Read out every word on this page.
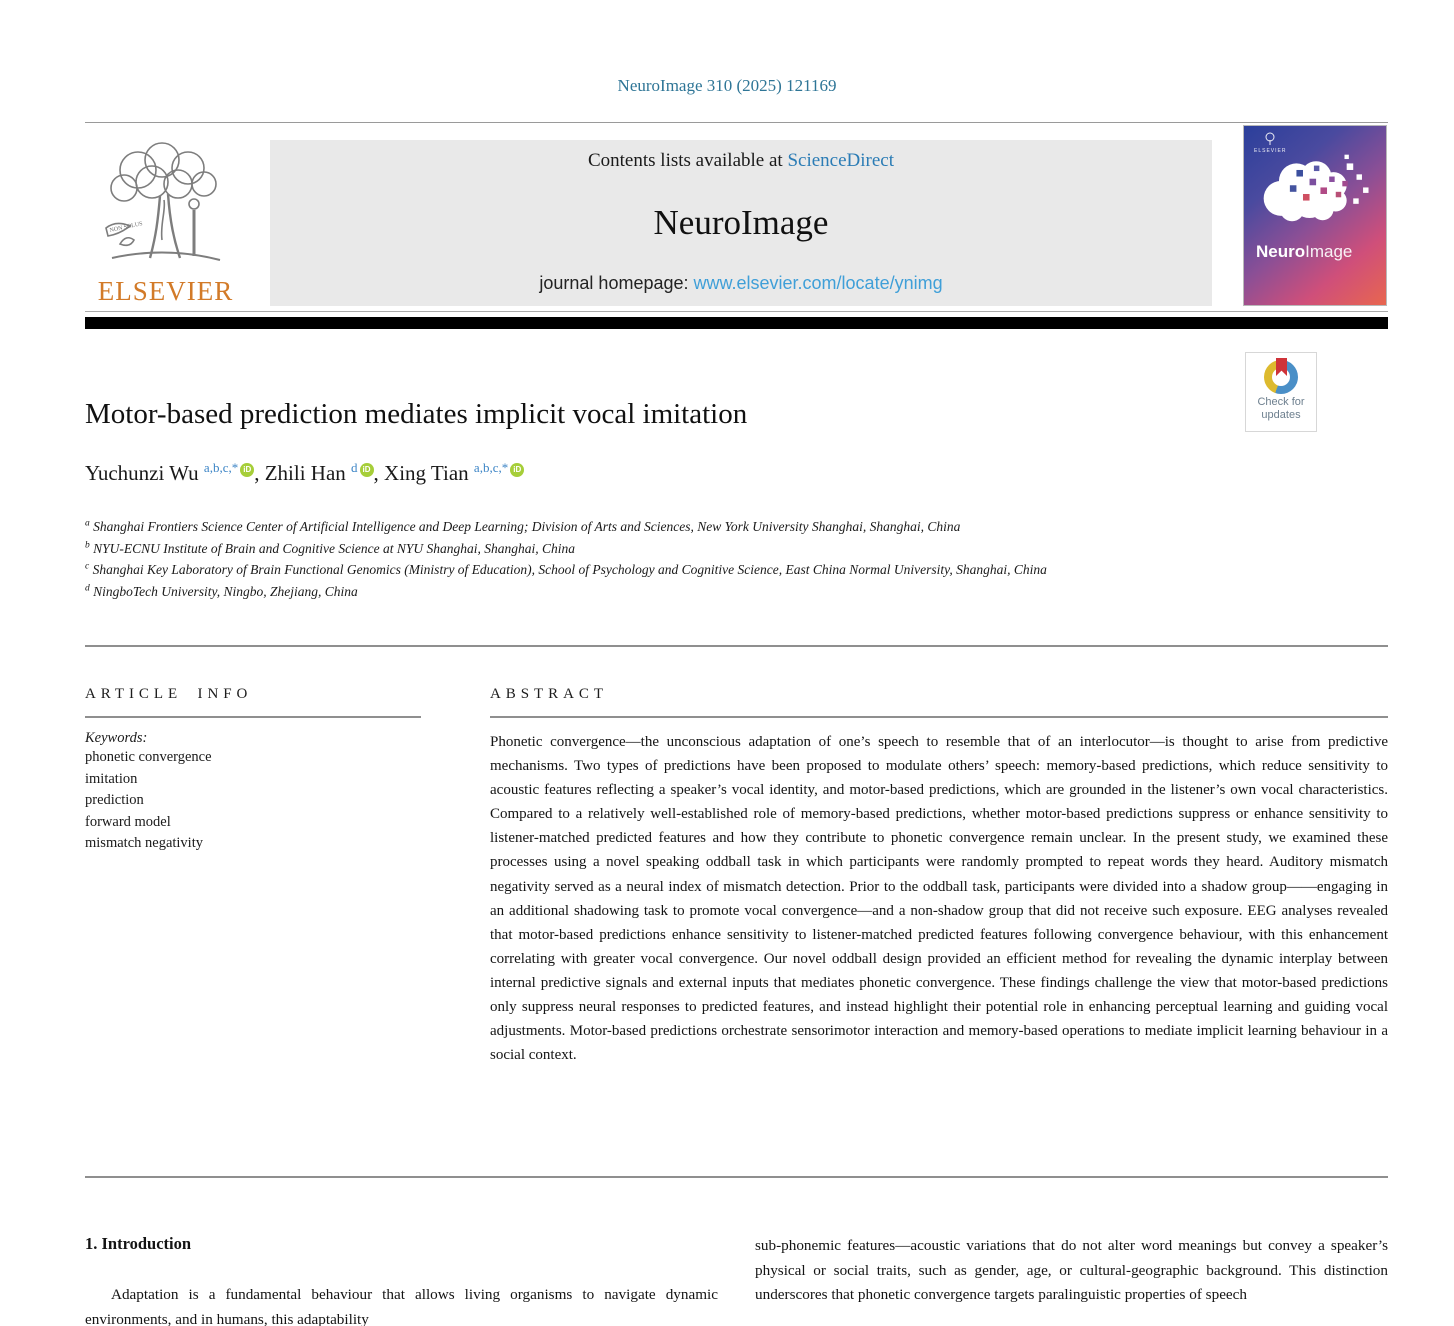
NeuroImage 310 (2025) 121169
NON SOLUS
ELSEVIER
Contents lists available at ScienceDirect
NeuroImage
journal homepage: www.elsevier.com/locate/ynimg
ELSEVIER
NeuroImage
Check for
updates
Motor-based prediction mediates implicit vocal imitation
Yuchunzi Wu $^{a,b,c,*}$ iD , Zhili Han $^d$ iD , Xing Tian $^{a,b,c,*}$ iD
$^a$ Shanghai Frontiers Science Center of Artificial Intelligence and Deep Learning; Division of Arts and Sciences, New York University Shanghai, Shanghai, China
$^b$ NYU-ECNU Institute of Brain and Cognitive Science at NYU Shanghai, Shanghai, China
$^c$ Shanghai Key Laboratory of Brain Functional Genomics (Ministry of Education), School of Psychology and Cognitive Science, East China Normal University, Shanghai, China
$^d$ NingboTech University, Ningbo, Zhejiang, China
ARTICLE INFO
Keywords:
phonetic convergence
imitation
prediction
forward model
mismatch negativity
ABSTRACT
Phonetic convergence—the unconscious adaptation of one’s speech to resemble that of an interlocutor—is thought to arise from predictive mechanisms. Two types of predictions have been proposed to modulate others’ speech: memory-based predictions, which reduce sensitivity to acoustic features reflecting a speaker’s vocal identity, and motor-based predictions, which are grounded in the listener’s own vocal characteristics. Compared to a relatively well-established role of memory-based predictions, whether motor-based predictions suppress or enhance sensitivity to listener-matched predicted features and how they contribute to phonetic convergence remain unclear. In the present study, we examined these processes using a novel speaking oddball task in which participants were randomly prompted to repeat words they heard. Auditory mismatch negativity served as a neural index of mismatch detection. Prior to the oddball task, participants were divided into a shadow group——engaging in an additional shadowing task to promote vocal convergence—and a non-shadow group that did not receive such exposure. EEG analyses revealed that motor-based predictions enhance sensitivity to listener-matched predicted features following convergence behaviour, with this enhancement correlating with greater vocal convergence. Our novel oddball design provided an efficient method for revealing the dynamic interplay between internal predictive signals and external inputs that mediates phonetic convergence. These findings challenge the view that motor-based predictions only suppress neural responses to predicted features, and instead highlight their potential role in enhancing perceptual learning and guiding vocal adjustments. Motor-based predictions orchestrate sensorimotor interaction and memory-based operations to mediate implicit learning behaviour in a social context.
1. Introduction
Adaptation is a fundamental behaviour that allows living organisms to navigate dynamic environments, and in humans, this adaptability
sub-phonemic features—acoustic variations that do not alter word meanings but convey a speaker’s physical or social traits, such as gender, age, or cultural-geographic background. This distinction underscores that phonetic convergence targets paralinguistic properties of speech
